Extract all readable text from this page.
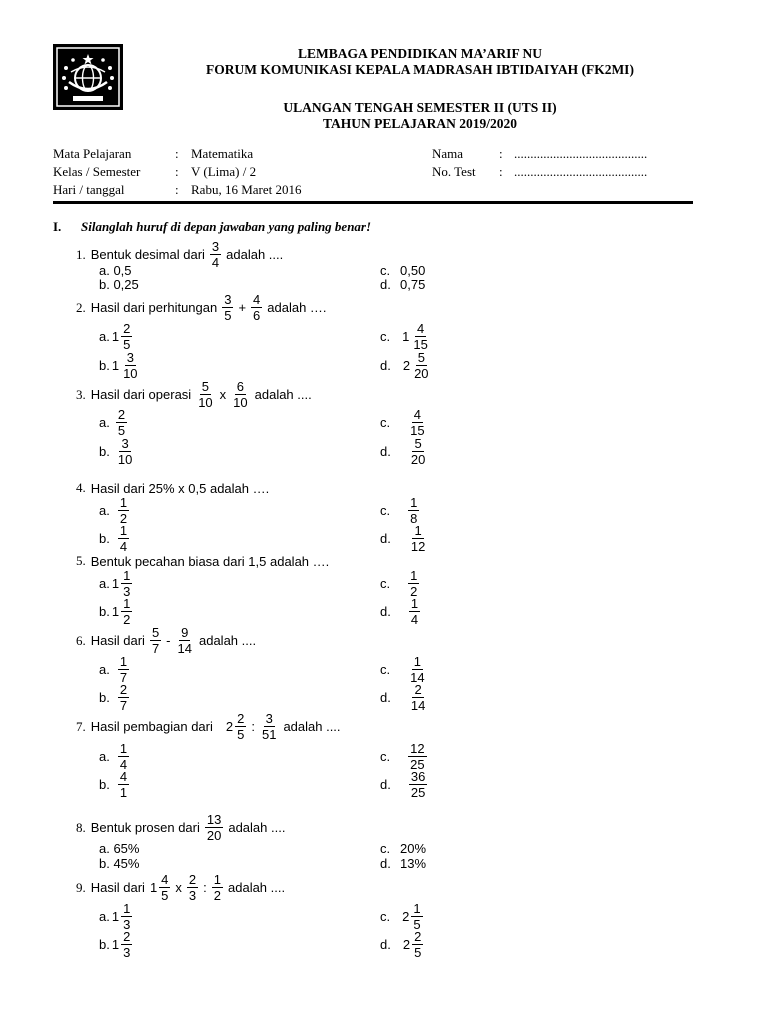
LEMBAGA PENDIDIKAN MA’ARIF NU
FORUM KOMUNIKASI KEPALA MADRASAH IBTIDAIYAH (FK2MI)
ULANGAN TENGAH SEMESTER II (UTS II)
TAHUN PELAJARAN 2019/2020
Mata Pelajaran	: Matematika
Kelas / Semester	: V (Lima) / 2
Hari / tanggal	: Rabu, 16 Maret 2016
Nama	: .........................................
No. Test : .........................................
I. Silanglah huruf di depan jawaban yang paling benar!
1. Bentuk desimal dari $\frac{3}{4}$ adalah ....
a. 0,5
b. 0,25
c. 0,50
d. 0,75
2. Hasil dari perhitungan $\frac{3}{5} + \frac{4}{6}$ adalah ….
a. $1 \frac{2}{5}$
b. $1 \frac{3}{10}$
c. $1 \frac{4}{15}$
d. $2 \frac{5}{20}$
3. Hasil dari operasi $\frac{5}{10}$ x $\frac{6}{10}$ adalah ....
a. $\frac{2}{5}$
b. $\frac{3}{10}$
c. $\frac{4}{15}$
d. $\frac{5}{20}$
4. Hasil dari 25% x 0,5 adalah ….
a. $\frac{1}{2}$
b. $\frac{1}{4}$
c. $\frac{1}{8}$
d. $\frac{1}{12}$
5. Bentuk pecahan biasa dari 1,5 adalah ….
a. $1 \frac{1}{3}$
b. $1 \frac{1}{2}$
c. $\frac{1}{2}$
d. $\frac{1}{4}$
6. Hasil dari $\frac{5}{7} - \frac{9}{14}$ adalah ....
a. $\frac{1}{7}$
b. $\frac{2}{7}$
c. $\frac{1}{14}$
d. $\frac{2}{14}$
7. Hasil pembagian dari $2 \frac{2}{5}$ : $\frac{3}{51}$ adalah ....
a. $\frac{1}{4}$
b. $\frac{4}{1}$
c. $\frac{12}{25}$
d. $\frac{36}{25}$
8. Bentuk prosen dari $\frac{13}{20}$ adalah ....
a. 65%
b. 45%
c. 20%
d. 13%
9. Hasil dari $1 \frac{4}{5}$ x $\frac{2}{3}$ : $\frac{1}{2}$ adalah ....
a. $1 \frac{1}{3}$
b. $1 \frac{2}{3}$
c. $2 \frac{1}{5}$
d. $2 \frac{2}{5}$
